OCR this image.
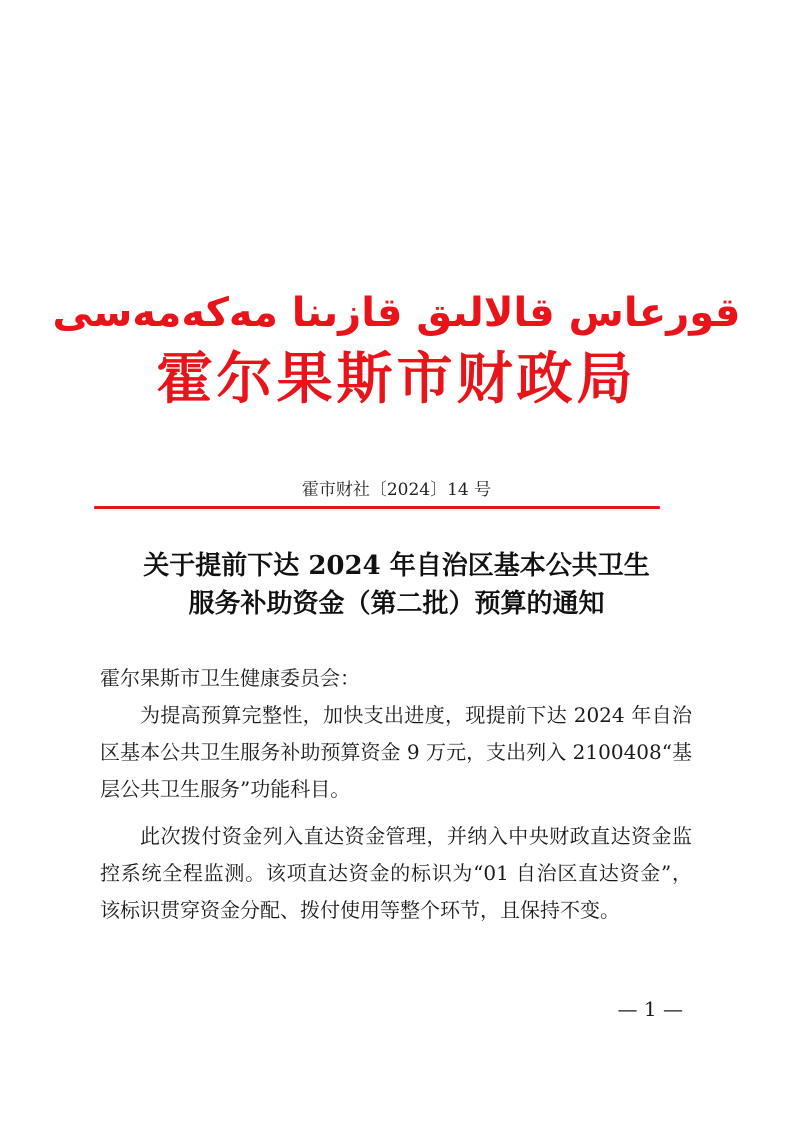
قورعاس قالالىق قازىنا مەكەمەسى
霍尔果斯市财政局
霍市财社〔2024〕14 号
关于提前下达 2024 年自治区基本公共卫生
服务补助资金（第二批）预算的通知

霍尔果斯市卫生健康委员会：

为提高预算完整性，加快支出进度，现提前下达 2024 年自治区基本公共卫生服务补助预算资金 9 万元，支出列入 2100408“基层公共卫生服务”功能科目。

此次拨付资金列入直达资金管理，并纳入中央财政直达资金监控系统全程监测。该项直达资金的标识为“01 自治区直达资金”，该标识贯穿资金分配、拨付使用等整个环节，且保持不变。

— 1 —
